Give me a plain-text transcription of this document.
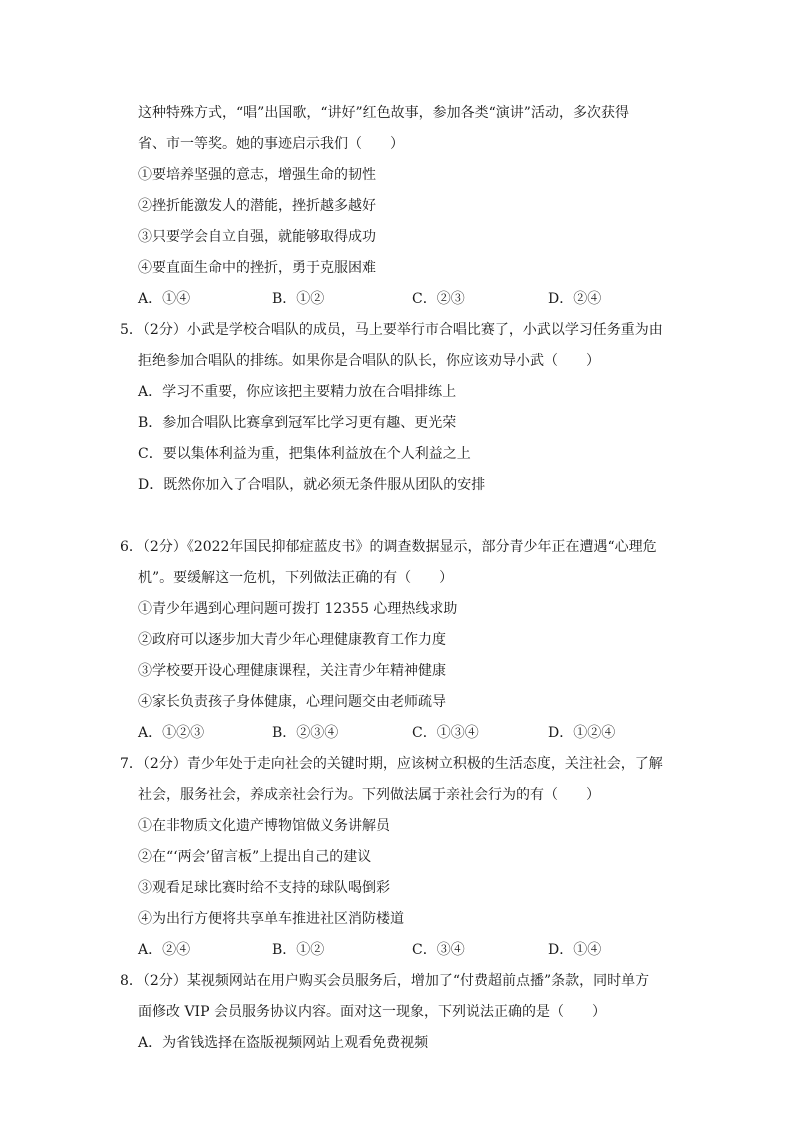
这种特殊方式，“唱”出国歌，“讲好”红色故事，参加各类“演讲”活动，多次获得
省、市一等奖。她的事迹启示我们（　　）
①要培养坚强的意志，增强生命的韧性
②挫折能激发人的潜能，挫折越多越好
③只要学会自立自强，就能够取得成功
④要直面生命中的挫折，勇于克服困难
A．①④	B．①②	C．②③	D．②④
5．（2分）小武是学校合唱队的成员，马上要举行市合唱比赛了，小武以学习任务重为由
拒绝参加合唱队的排练。如果你是合唱队的队长，你应该劝导小武（　　）
A．学习不重要，你应该把主要精力放在合唱排练上
B．参加合唱队比赛拿到冠军比学习更有趣、更光荣
C．要以集体利益为重，把集体利益放在个人利益之上
D．既然你加入了合唱队，就必须无条件服从团队的安排
6．（2分）《2022年国民抑郁症蓝皮书》的调查数据显示，部分青少年正在遭遇“心理危
机”。要缓解这一危机，下列做法正确的有（　　）
①青少年遇到心理问题可拨打 12355 心理热线求助
②政府可以逐步加大青少年心理健康教育工作力度
③学校要开设心理健康课程，关注青少年精神健康
④家长负责孩子身体健康，心理问题交由老师疏导
A．①②③	B．②③④	C．①③④	D．①②④
7．（2分）青少年处于走向社会的关键时期，应该树立积极的生活态度，关注社会，了解
社会，服务社会，养成亲社会行为。下列做法属于亲社会行为的有（　　）
①在非物质文化遗产博物馆做义务讲解员
②在“‘两会’留言板”上提出自己的建议
③观看足球比赛时给不支持的球队喝倒彩
④为出行方便将共享单车推进社区消防楼道
A．②④	B．①②	C．③④	D．①④
8．（2分）某视频网站在用户购买会员服务后，增加了“付费超前点播”条款，同时单方
面修改 VIP 会员服务协议内容。面对这一现象，下列说法正确的是（　　）
A．为省钱选择在盗版视频网站上观看免费视频
